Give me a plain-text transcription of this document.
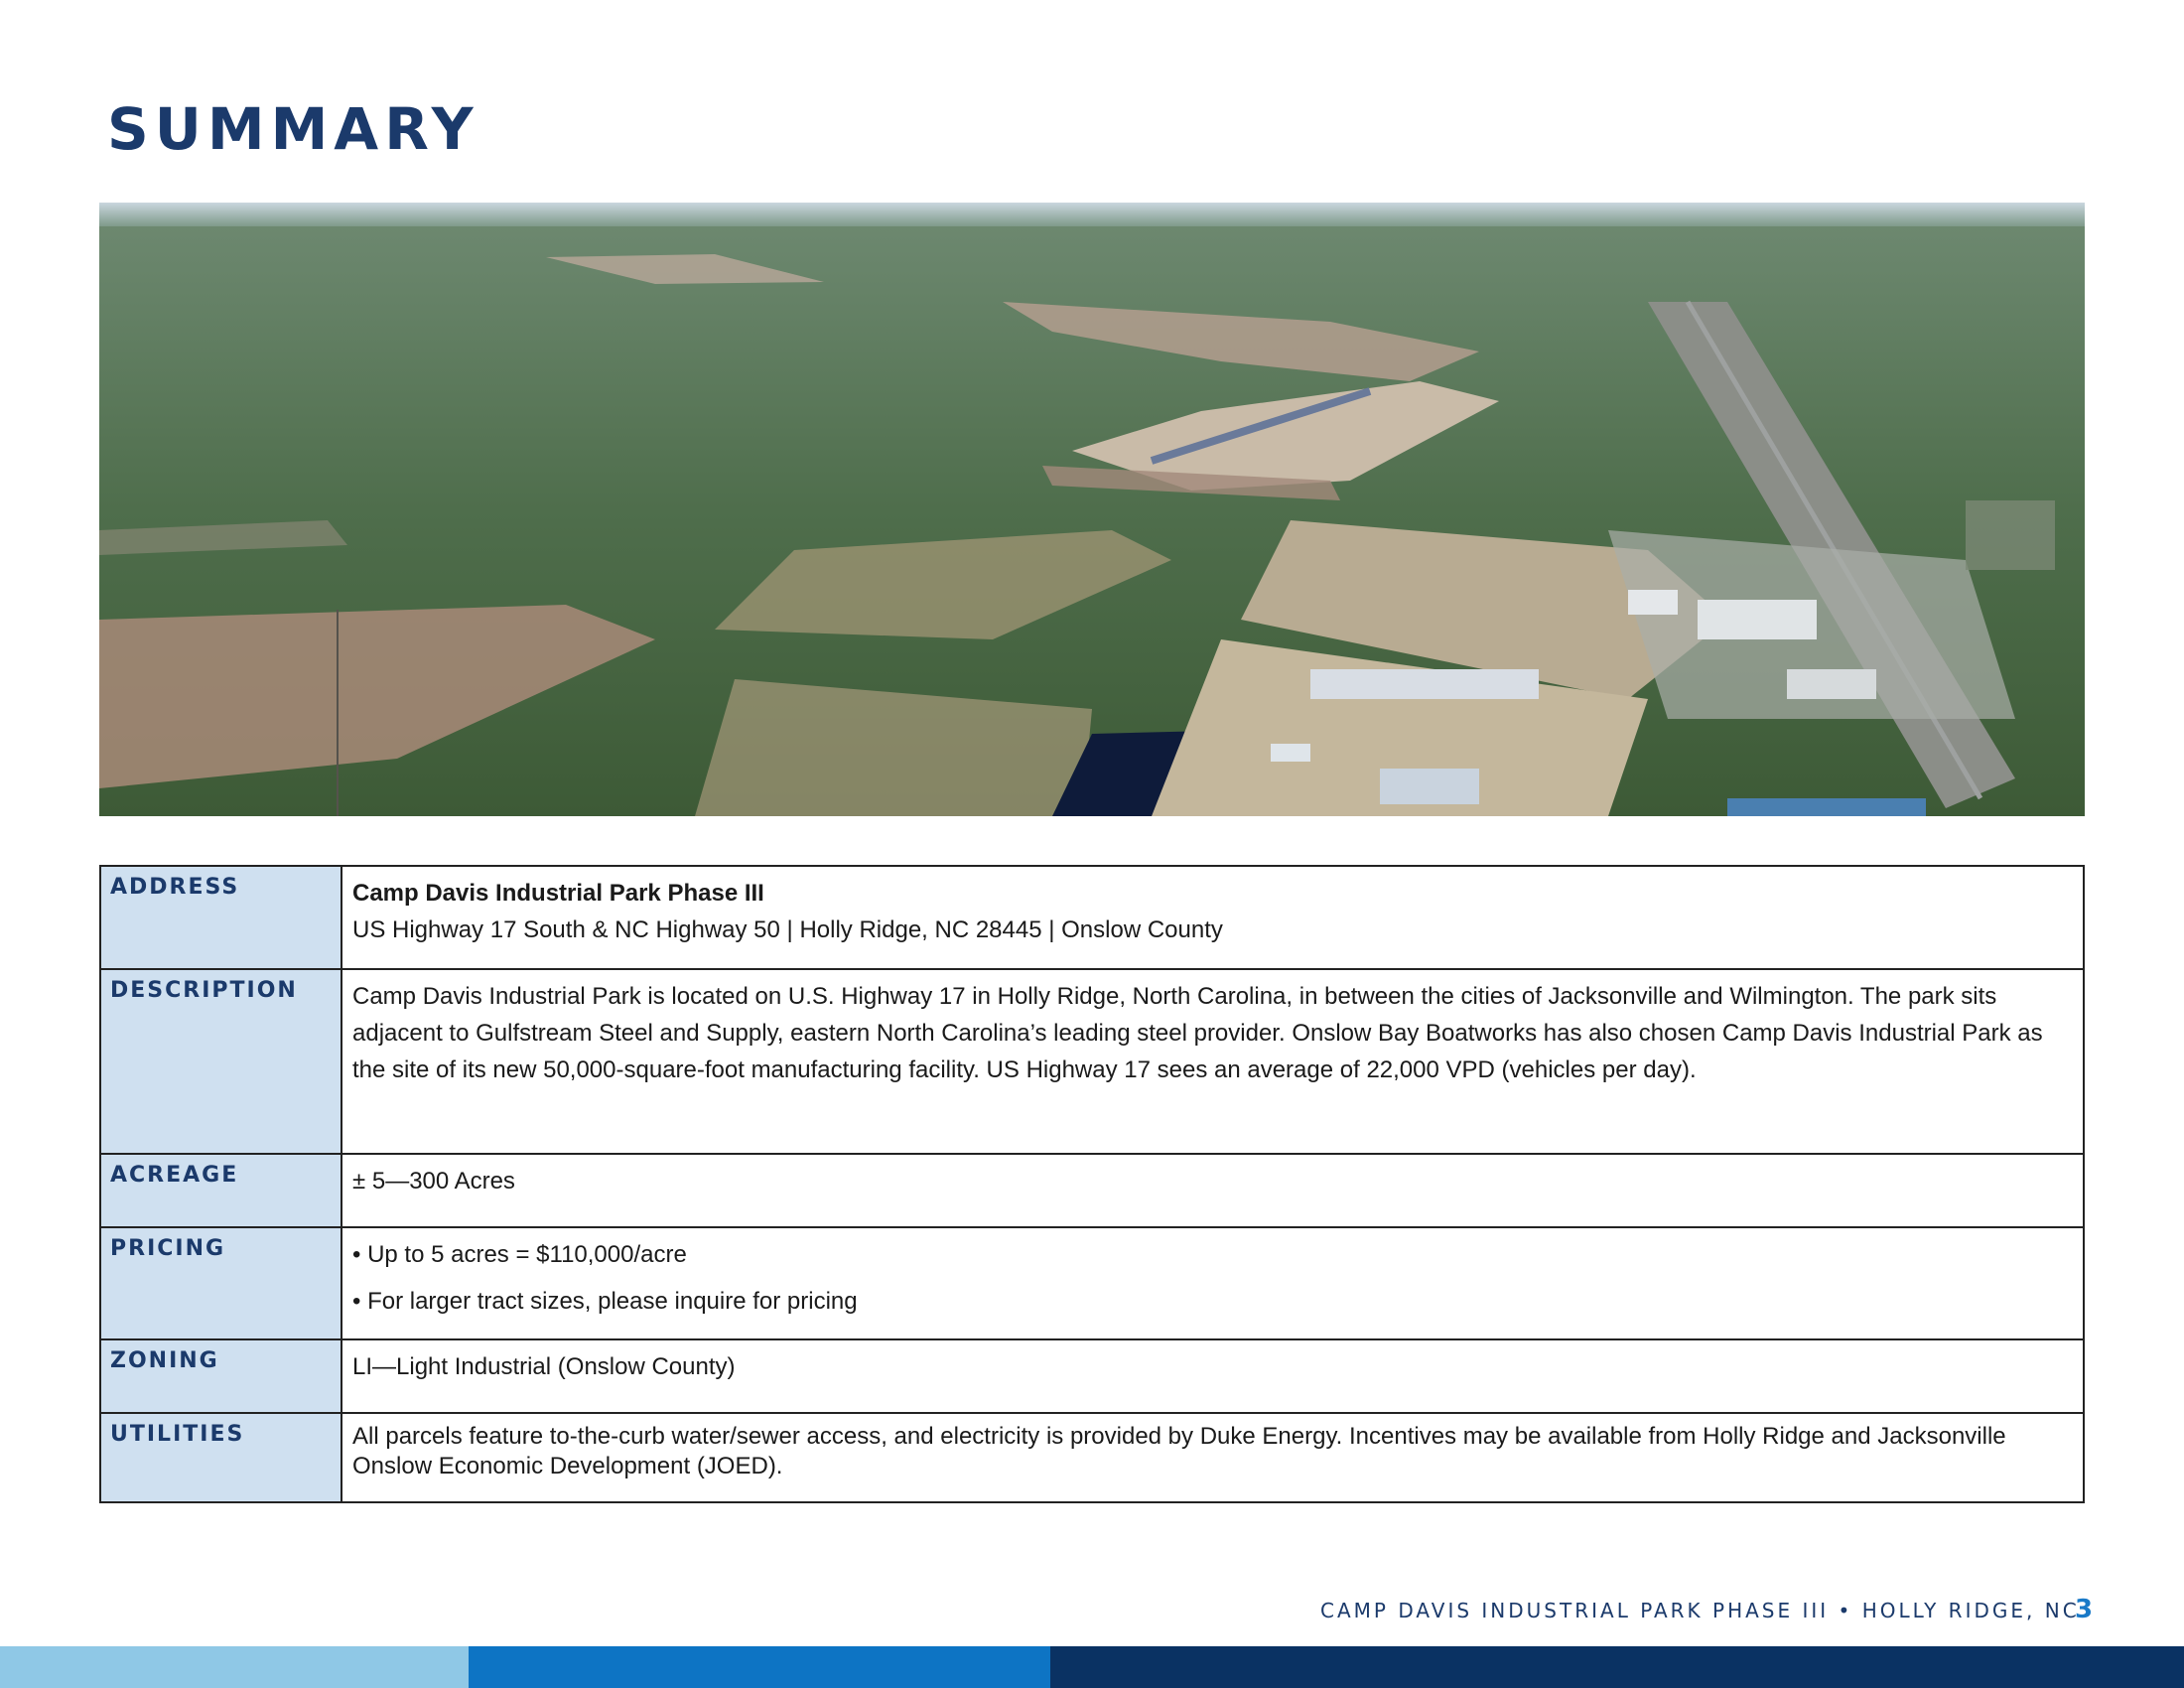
SUMMARY
ADDRESS	Camp Davis Industrial Park Phase III
US Highway 17 South & NC Highway 50 | Holly Ridge, NC 28445 | Onslow County
DESCRIPTION	Camp Davis Industrial Park is located on U.S. Highway 17 in Holly Ridge, North Carolina, in between the cities of Jacksonville and Wilmington. The park sits adjacent to Gulfstream Steel and Supply, eastern North Carolina’s leading steel provider. Onslow Bay Boatworks has also chosen Camp Davis Industrial Park as the site of its new 50,000-square-foot manufacturing facility. US Highway 17 sees an average of 22,000 VPD (vehicles per day).
ACREAGE	± 5—300 Acres
PRICING	• Up to 5 acres = $110,000/acre
• For larger tract sizes, please inquire for pricing

ZONING	LI—Light Industrial (Onslow County)
UTILITIES	All parcels feature to-the-curb water/sewer access, and electricity is provided by Duke Energy. Incentives may be available from Holly Ridge and Jacksonville Onslow Economic Development (JOED).
CAMP DAVIS INDUSTRIAL PARK PHASE III • HOLLY RIDGE, NC
3
